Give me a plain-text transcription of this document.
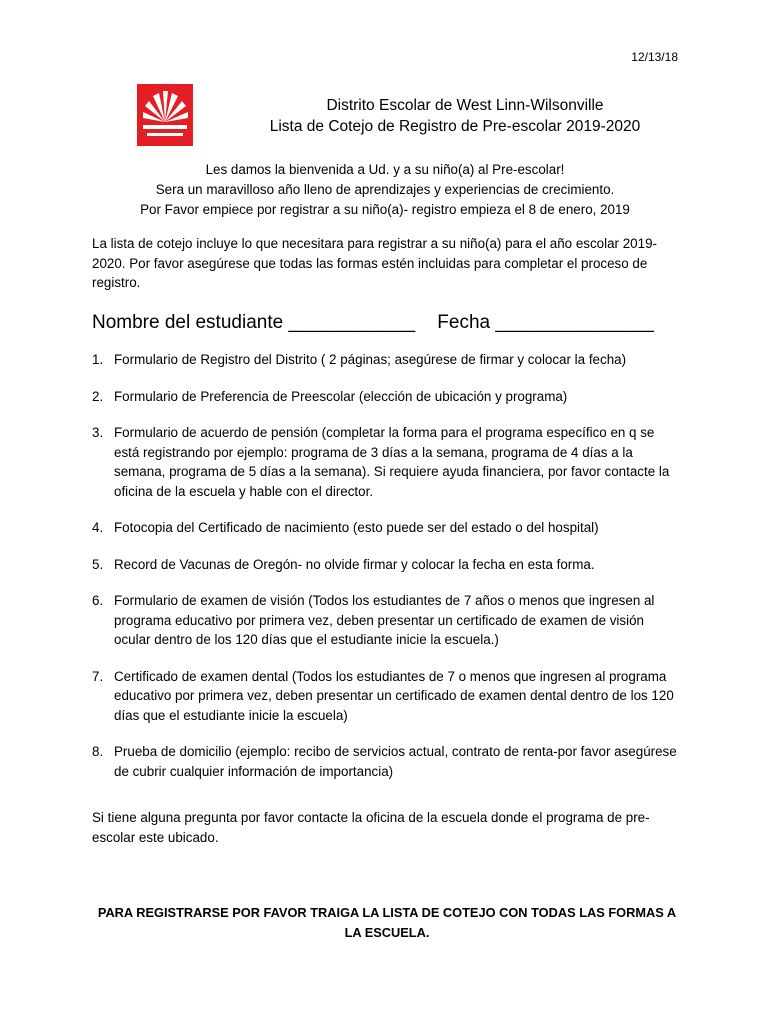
12/13/18
Distrito Escolar de West Linn-Wilsonville
Lista de Cotejo de Registro de Pre-escolar 2019-2020
Les damos la bienvenida a Ud. y a su niño(a) al Pre-escolar!
Sera un maravilloso año lleno de aprendizajes y experiencias de crecimiento.
Por Favor empiece por registrar a su niño(a)- registro empieza el 8 de enero, 2019
La lista de cotejo incluye lo que necesitara para registrar a su niño(a) para el año escolar 2019-2020. Por favor asegúrese que todas las formas estén incluidas para completar el proceso de registro.
Nombre del estudiante ____________ Fecha _______________
1. Formulario de Registro del Distrito ( 2 páginas; asegúrese de firmar y colocar la fecha)
2. Formulario de Preferencia de Preescolar (elección de ubicación y programa)
3. Formulario de acuerdo de pensión (completar la forma para el programa específico en q se está registrando por ejemplo: programa de 3 días a la semana, programa de 4 días a la semana, programa de 5 días a la semana). Si requiere ayuda financiera, por favor contacte la oficina de la escuela y hable con el director.
4. Fotocopia del Certificado de nacimiento (esto puede ser del estado o del hospital)
5. Record de Vacunas de Oregón- no olvide firmar y colocar la fecha en esta forma.
6. Formulario de examen de visión (Todos los estudiantes de 7 años o menos que ingresen al programa educativo por primera vez, deben presentar un certificado de examen de visión ocular dentro de los 120 días que el estudiante inicie la escuela.)
7. Certificado de examen dental (Todos los estudiantes de 7 o menos que ingresen al programa educativo por primera vez, deben presentar un certificado de examen dental dentro de los 120 días que el estudiante inicie la escuela)
8. Prueba de domicilio (ejemplo: recibo de servicios actual, contrato de renta-por favor asegúrese de cubrir cualquier información de importancia)
Si tiene alguna pregunta por favor contacte la oficina de la escuela donde el programa de pre-escolar este ubicado.
PARA REGISTRARSE POR FAVOR TRAIGA LA LISTA DE COTEJO CON TODAS LAS FORMAS A LA ESCUELA.
